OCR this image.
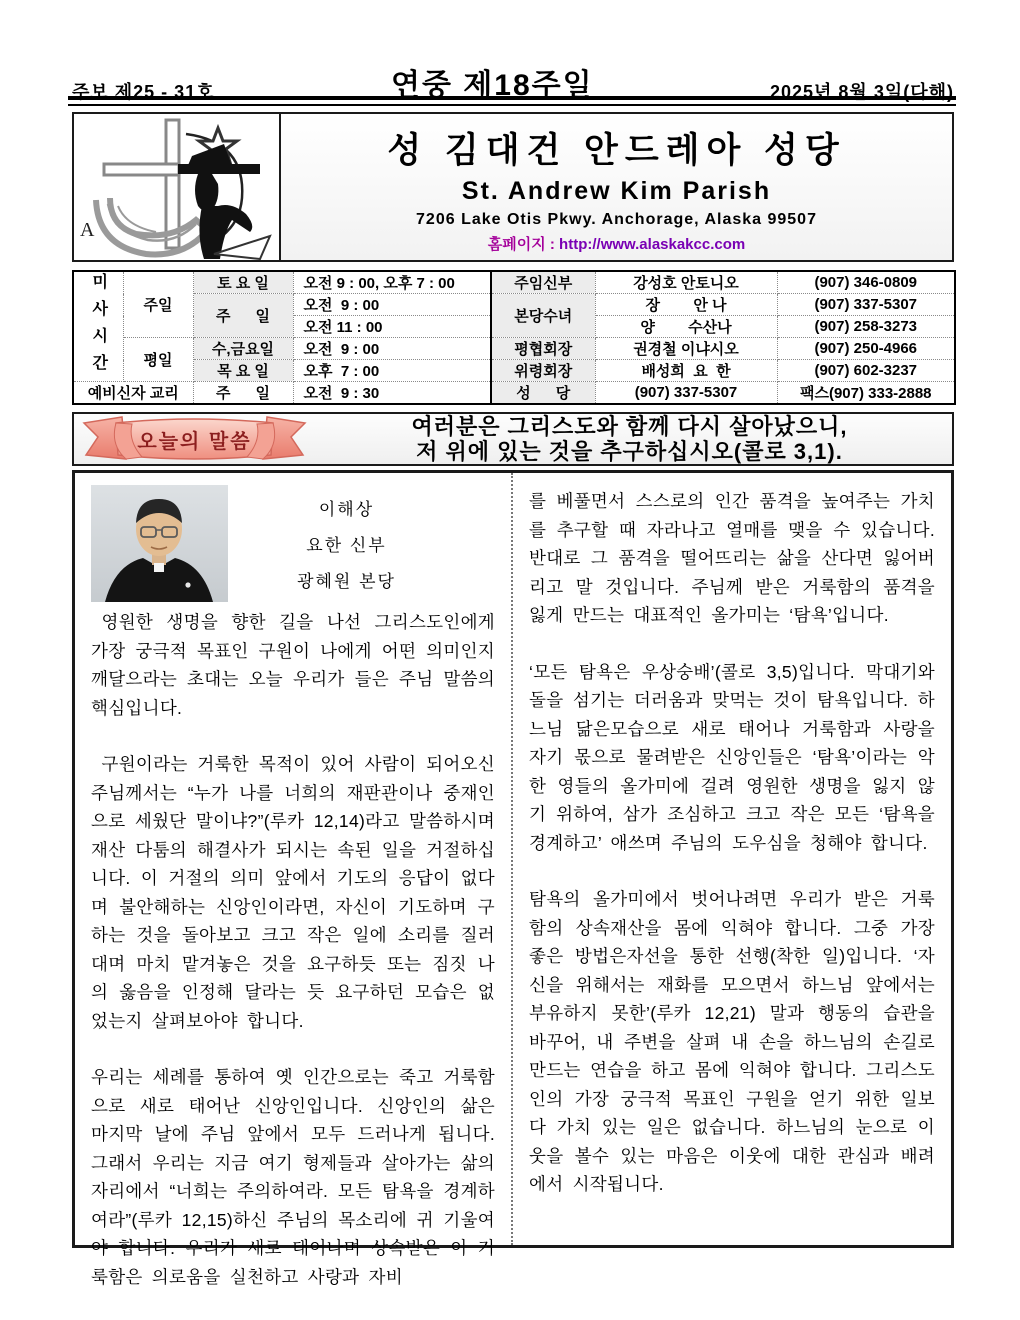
주보 제25 - 31호	연중 제18주일	2025년 8월 3일(다해)
A
성 김대건 안드레아 성당
St. Andrew Kim Parish
7206 Lake Otis Pkwy. Anchorage, Alaska 99507
홈페이지 : http://www.alaskakcc.com
미사시간	주일	토 요 일	오전 9 : 00, 오후 7 : 00	주임신부	강성호 안토니오	(907) 346-0809
		주      일	오전  9 : 00	본당수녀	장        안 나	(907) 337-5307
			오전 11 : 00		양        수산나	(907) 258-3273
	평일	수,금요일	오전  9 : 00	평협회장	권경철 이냐시오	(907) 250-4966
		목 요 일	오후  7 : 00	위령회장	배성희  요  한	(907) 602-3237
예비신자 교리		주      일	오전  9 : 30	성      당	(907) 337-5307	팩스(907) 333-2888
오늘의 말씀
여러분은 그리스도와 함께 다시 살아났으니,
저 위에 있는 것을 추구하십시오(콜로 3,1).
이해상
요한 신부
광혜원 본당
영원한 생명을 향한 길을 나선 그리스도인에게 가장 궁극적 목표인 구원이 나에게 어떤 의미인지 깨달으라는 초대는 오늘 우리가 들은 주님 말씀의 핵심입니다.
구원이라는 거룩한 목적이 있어 사람이 되어오신 주님께서는 “누가 나를 너희의 재판관이나 중재인으로 세웠단 말이냐?”(루카 12,14)라고 말씀하시며 재산 다툼의 해결사가 되시는 속된 일을 거절하십니다. 이 거절의 의미 앞에서 기도의 응답이 없다며 불안해하는 신앙인이라면, 자신이 기도하며 구하는 것을 돌아보고 크고 작은 일에 소리를 질러대며 마치 맡겨놓은 것을 요구하듯 또는 짐짓 나의 옳음을 인정해 달라는 듯 요구하던 모습은 없었는지 살펴보아야 합니다.
우리는 세례를 통하여 옛 인간으로는 죽고 거룩함으로 새로 태어난 신앙인입니다. 신앙인의 삶은 마지막 날에 주님 앞에서 모두 드러나게 됩니다. 그래서 우리는 지금 여기 형제들과 살아가는 삶의 자리에서 “너희는 주의하여라. 모든 탐욕을 경계하여라”(루카 12,15)하신 주님의 목소리에 귀 기울여야 합니다. 우리가 새로 태어나며 상속받은 이 거룩함은 의로움을 실천하고 사랑과 자비
를 베풀면서 스스로의 인간 품격을 높여주는 가치를 추구할 때 자라나고 열매를 맺을 수 있습니다. 반대로 그 품격을 떨어뜨리는 삶을 산다면 잃어버리고 말 것입니다. 주님께 받은 거룩함의 품격을 잃게 만드는 대표적인 올가미는 ‘탐욕’입니다.
‘모든 탐욕은 우상숭배’(콜로 3,5)입니다. 막대기와 돌을 섬기는 더러움과 맞먹는 것이 탐욕입니다. 하느님 닮은모습으로 새로 태어나 거룩함과 사랑을 자기 몫으로 물려받은 신앙인들은 ‘탐욕’이라는 악한 영들의 올가미에 걸려 영원한 생명을 잃지 않기 위하여, 삼가 조심하고 크고 작은 모든 ‘탐욕을 경계하고’ 애쓰며 주님의 도우심을 청해야 합니다.
탐욕의 올가미에서 벗어나려면 우리가 받은 거룩함의 상속재산을 몸에 익혀야 합니다. 그중 가장 좋은 방법은자선을 통한 선행(착한 일)입니다. ‘자신을 위해서는 재화를 모으면서 하느님 앞에서는 부유하지 못한’(루카 12,21) 말과 행동의 습관을 바꾸어, 내 주변을 살펴 내 손을 하느님의 손길로 만드는 연습을 하고 몸에 익혀야 합니다. 그리스도인의 가장 궁극적 목표인 구원을 얻기 위한 일보다 가치 있는 일은 없습니다. 하느님의 눈으로 이웃을 볼수 있는 마음은 이웃에 대한 관심과 배려에서 시작됩니다.
